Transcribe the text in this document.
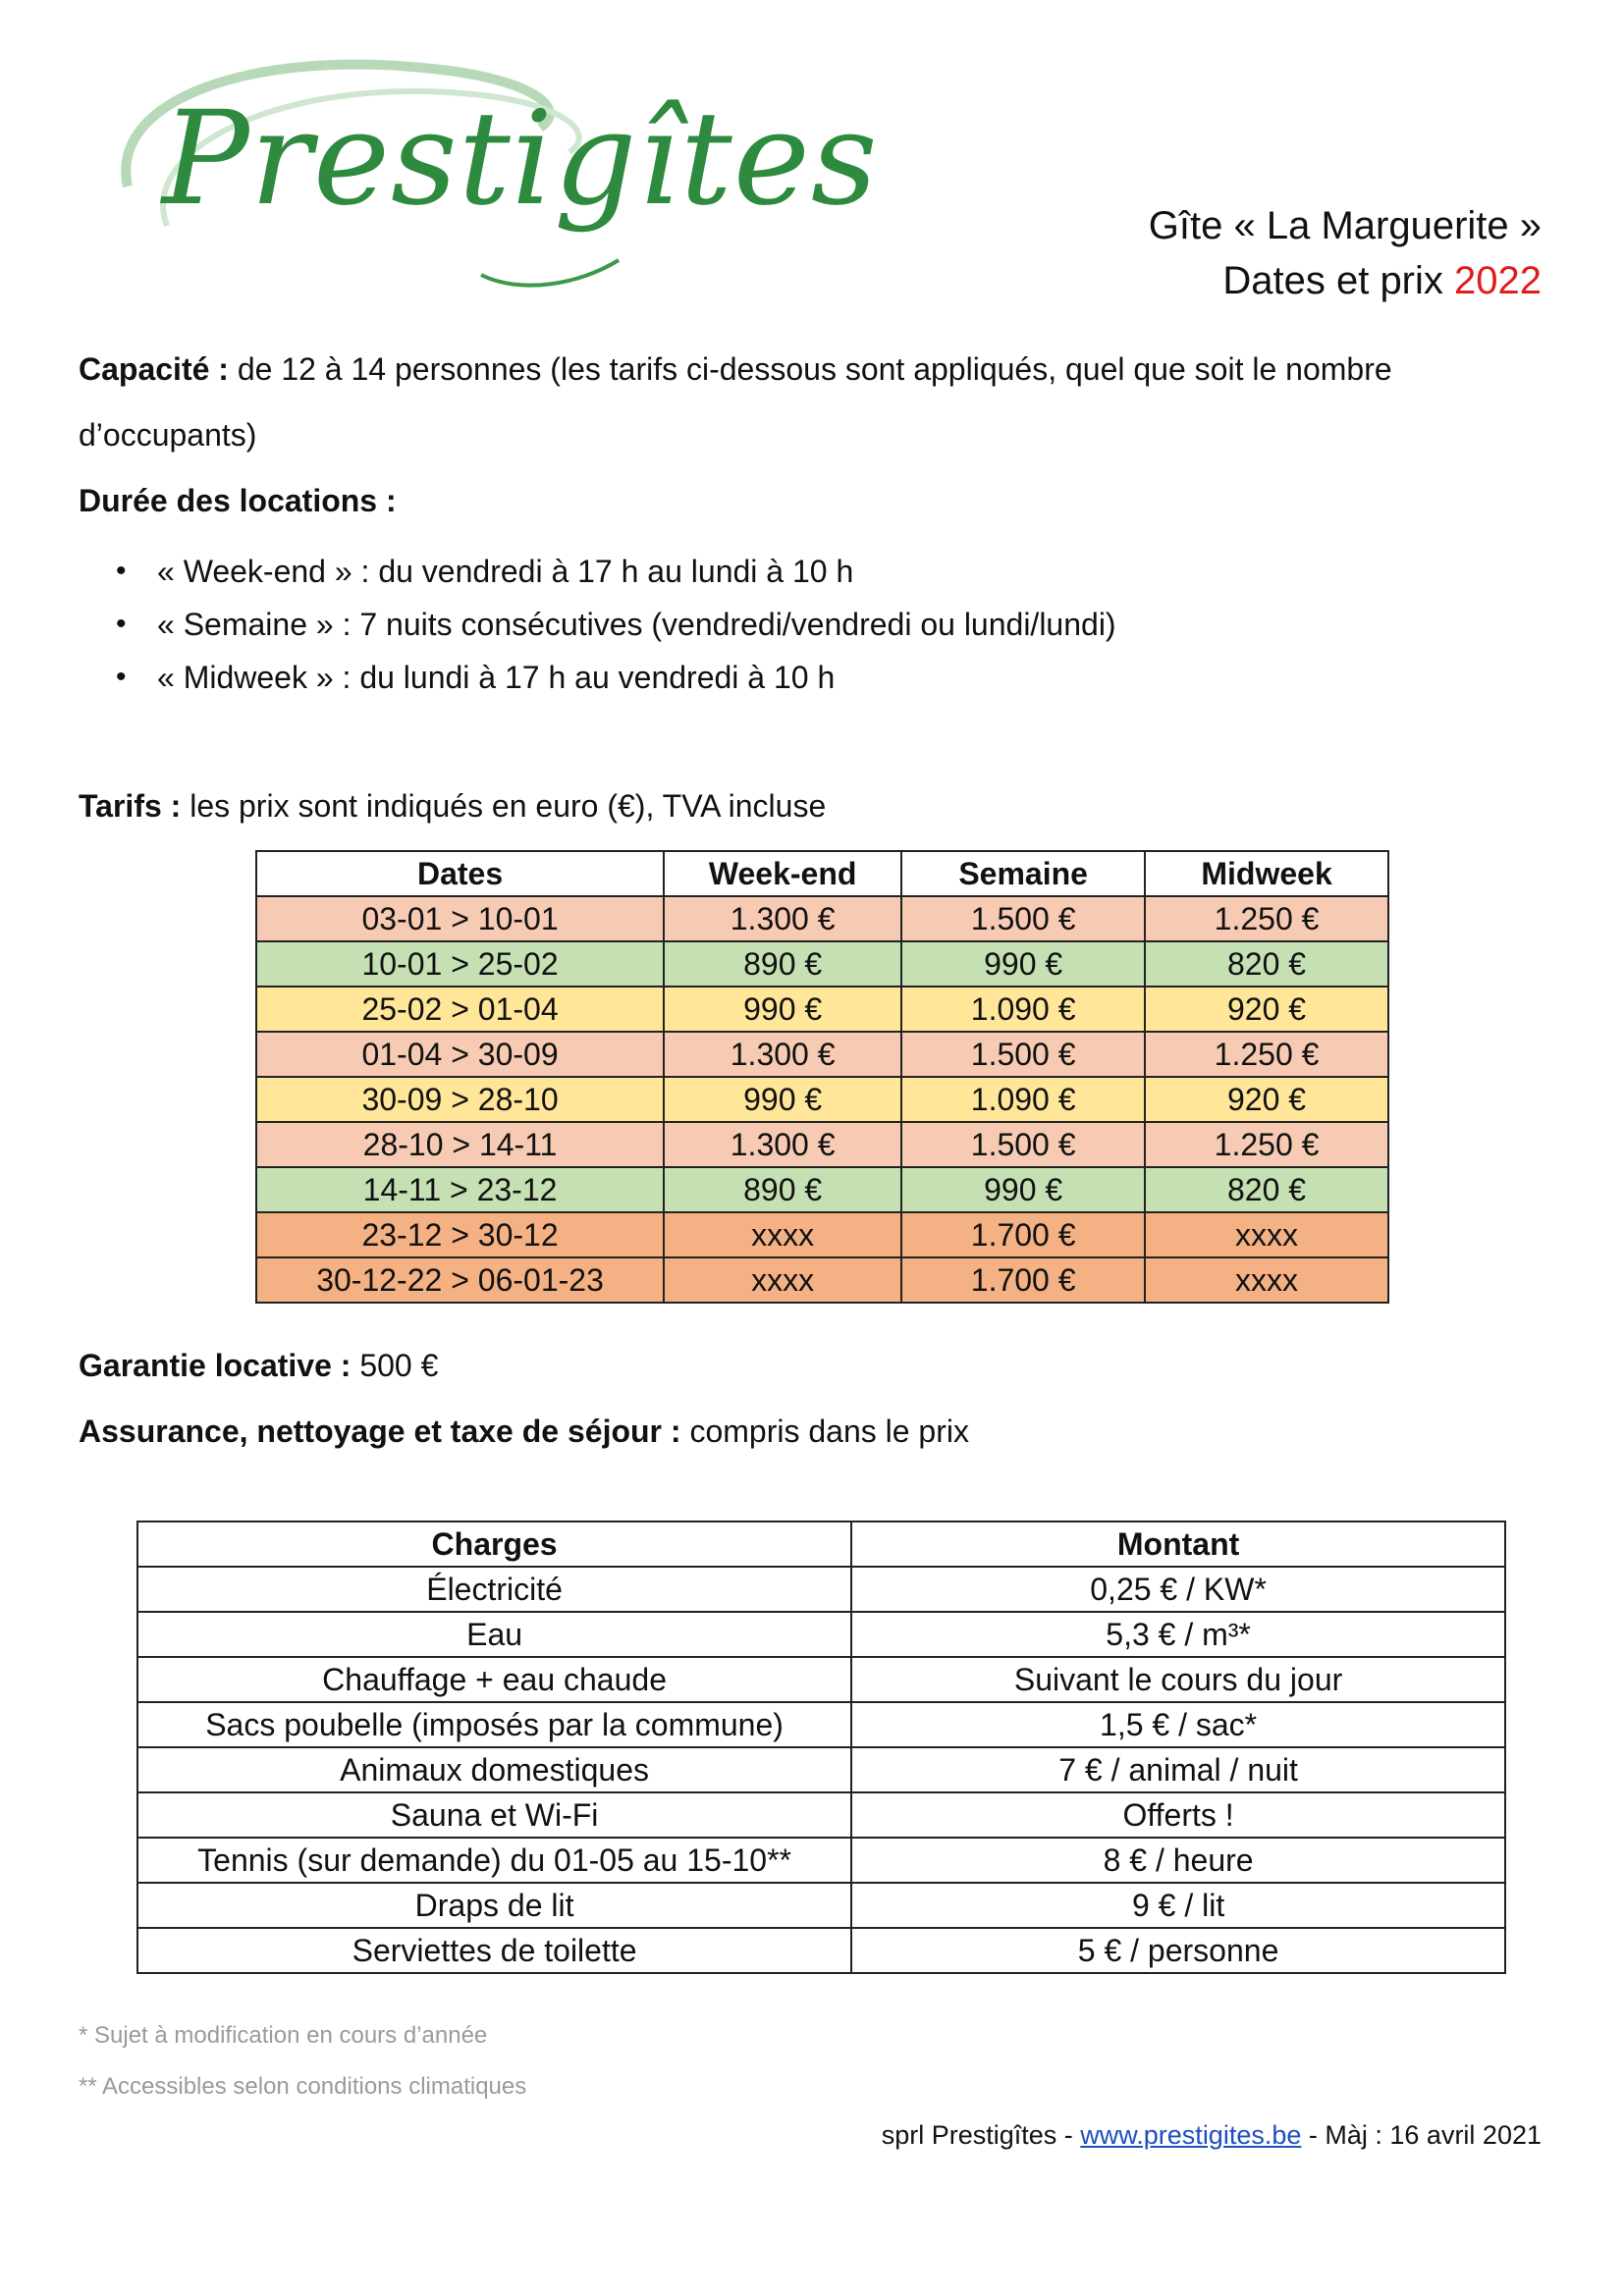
Prestigîtes	Gîte « La Marguerite »
Dates et prix 2022
Capacité : de 12 à 14 personnes (les tarifs ci-dessous sont appliqués, quel que soit le nombre
d’occupants)
Durée des locations :
• « Week-end » : du vendredi à 17 h au lundi à 10 h
• « Semaine » : 7 nuits consécutives (vendredi/vendredi ou lundi/lundi)
• « Midweek » : du lundi à 17 h au vendredi à 10 h
Tarifs : les prix sont indiqués en euro (€), TVA incluse
Dates	Week-end	Semaine	Midweek
03-01 > 10-01	1.300 €	1.500 €	1.250 €
10-01 > 25-02	890 €	990 €	820 €
25-02 > 01-04	990 €	1.090 €	920 €
01-04 > 30-09	1.300 €	1.500 €	1.250 €
30-09 > 28-10	990 €	1.090 €	920 €
28-10 > 14-11	1.300 €	1.500 €	1.250 €
14-11 > 23-12	890 €	990 €	820 €
23-12 > 30-12	xxxx	1.700 €	xxxx
30-12-22 > 06-01-23	xxxx	1.700 €	xxxx
Garantie locative : 500 €
Assurance, nettoyage et taxe de séjour : compris dans le prix
Charges	Montant
Électricité	0,25 € / KW*
Eau	5,3 € / m³*
Chauffage + eau chaude	Suivant le cours du jour
Sacs poubelle (imposés par la commune)	1,5 € / sac*
Animaux domestiques	7 € / animal / nuit
Sauna et Wi-Fi	Offerts !
Tennis (sur demande) du 01-05 au 15-10**	8 € / heure
Draps de lit	9 € / lit
Serviettes de toilette	5 € / personne
* Sujet à modification en cours d’année
** Accessibles selon conditions climatiques
sprl Prestigîtes - www.prestigites.be - Màj : 16 avril 2021
